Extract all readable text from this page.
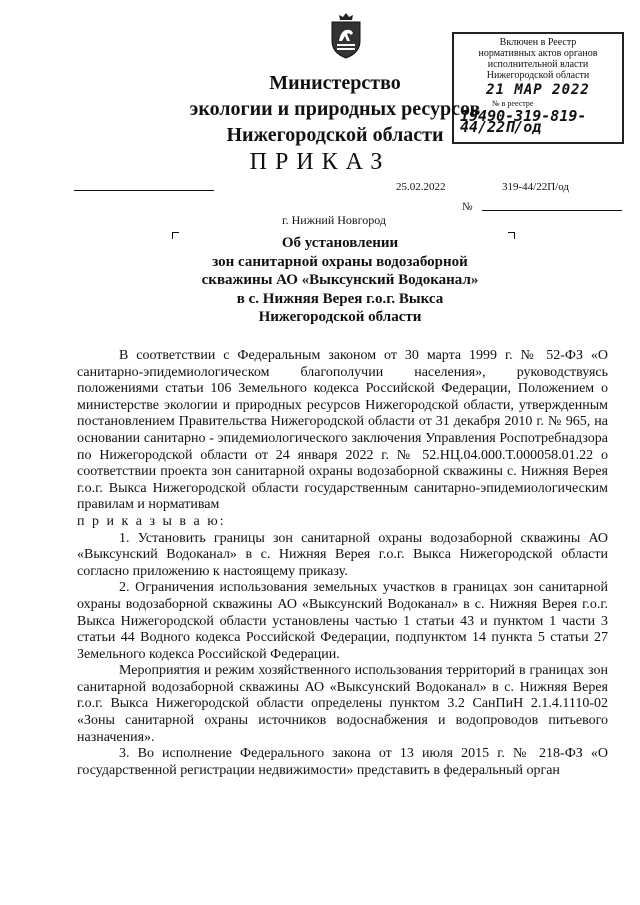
Включен в Реестр
нормативных актов органов
исполнительной власти
Нижегородской области
21 МАР 2022
№ в реестре
19490-319-819-44/22П/од
Министерство
экологии и природных ресурсов
Нижегородской области
ПРИКАЗ
25.02.2022	319-44/22П/од
№
г. Нижний Новгород
Об установлении
зон санитарной охраны водозаборной
скважины АО «Выксунский Водоканал»
в с. Нижняя Верея г.о.г. Выкса
Нижегородской области

В соответствии с Федеральным законом от 30 марта 1999 г. № 52-ФЗ «О санитарно-эпидемиологическом благополучии населения», руководствуясь положениями статьи 106 Земельного кодекса Российской Федерации, Положением о министерстве экологии и природных ресурсов Нижегородской области, утвержденным постановлением Правительства Нижегородской области от 31 декабря 2010 г. № 965, на основании санитарно - эпидемиологического заключения Управления Роспотребнадзора по Нижегородской области от 24 января 2022 г. № 52.НЦ.04.000.Т.000058.01.22 о соответствии проекта зон санитарной охраны водозаборной скважины с. Нижняя Верея г.о.г. Выкса Нижегородской области государственным санитарно-эпидемиологическим правилам и нормативам

п р и к а з ы в а ю:

1. Установить границы зон санитарной охраны водозаборной скважины АО «Выксунский Водоканал» в с. Нижняя Верея г.о.г. Выкса Нижегородской области согласно приложению к настоящему приказу.

2. Ограничения использования земельных участков в границах зон санитарной охраны водозаборной скважины АО «Выксунский Водоканал» в с. Нижняя Верея г.о.г. Выкса Нижегородской области установлены частью 1 статьи 43 и пунктом 1 части 3 статьи 44 Водного кодекса Российской Федерации, подпунктом 14 пункта 5 статьи 27 Земельного кодекса Российской Федерации.

Мероприятия и режим хозяйственного использования территорий в границах зон санитарной водозаборной скважины АО «Выксунский Водоканал» в с. Нижняя Верея г.о.г. Выкса Нижегородской области определены пунктом 3.2 СанПиН 2.1.4.1110-02 «Зоны санитарной охраны источников водоснабжения и водопроводов питьевого назначения».

3. Во исполнение Федерального закона от 13 июля 2015 г. № 218-ФЗ «О государственной регистрации недвижимости» представить в федеральный орган
